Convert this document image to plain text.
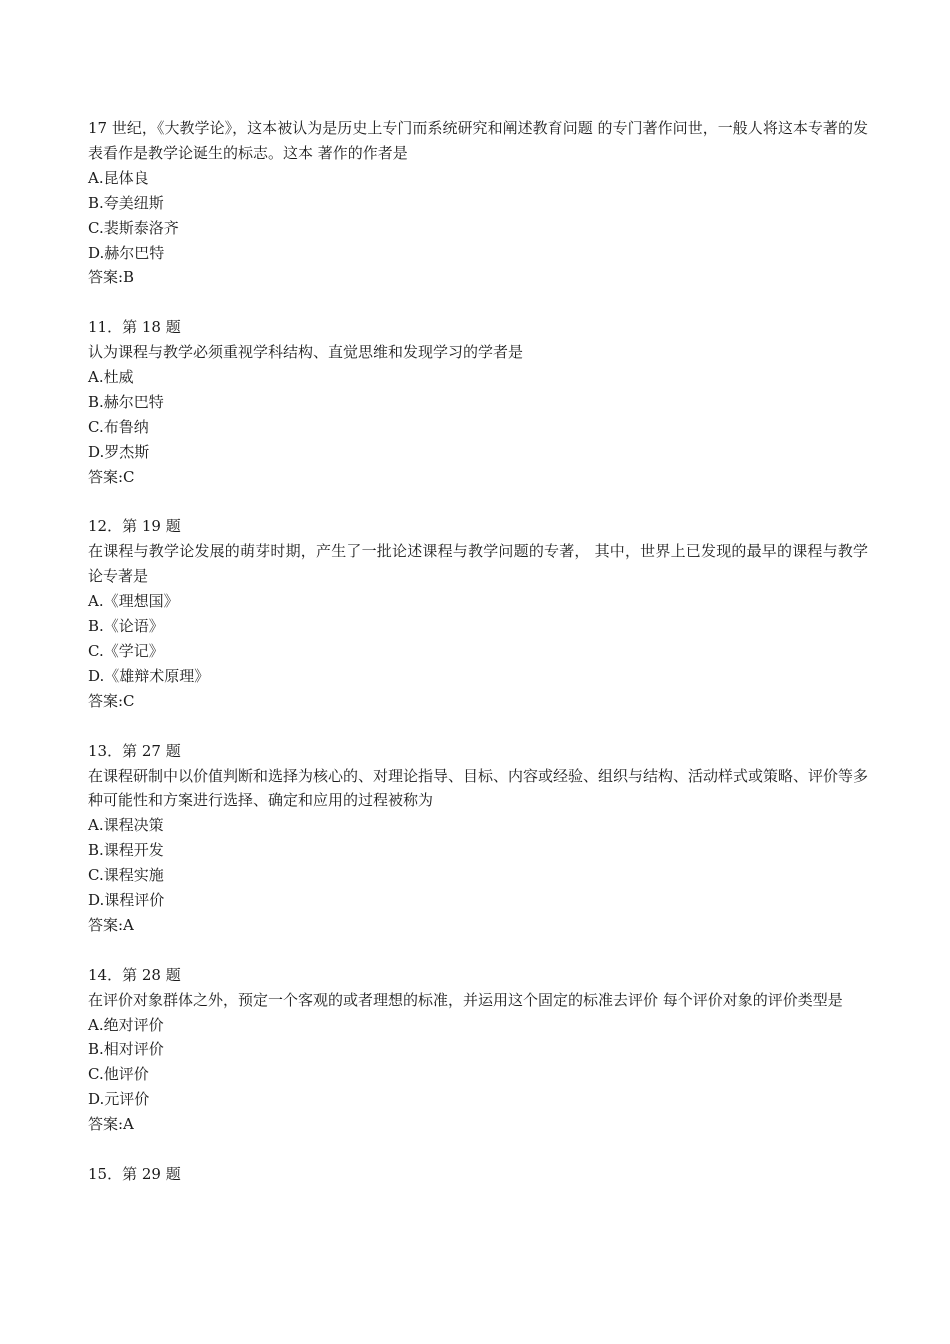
17 世纪，《大教学论》，这本被认为是历史上专门而系统研究和阐述教育问题 的专门著作问世，一般人将这本专著的发表看作是教学论诞生的标志。这本 著作的作者是

A.昆体良

B.夸美纽斯

C.裴斯泰洛齐

D.赫尔巴特

答案:B

11．第 18 题

认为课程与教学必须重视学科结构、直觉思维和发现学习的学者是

A.杜威

B.赫尔巴特

C.布鲁纳

D.罗杰斯

答案:C

12．第 19 题

在课程与教学论发展的萌芽时期，产生了一批论述课程与教学问题的专著， 其中，世界上已发现的最早的课程与教学论专著是

A.《理想国》

B.《论语》

C.《学记》

D.《雄辩术原理》

答案:C

13．第 27 题

在课程研制中以价值判断和选择为核心的、对理论指导、目标、内容或经验、组织与结构、活动样式或策略、评价等多种可能性和方案进行选择、确定和应用的过程被称为

A.课程决策

B.课程开发

C.课程实施

D.课程评价

答案:A

14．第 28 题

在评价对象群体之外，预定一个客观的或者理想的标准，并运用这个固定的标准去评价 每个评价对象的评价类型是

A.绝对评价

B.相对评价

C.他评价

D.元评价

答案:A

15．第 29 题
